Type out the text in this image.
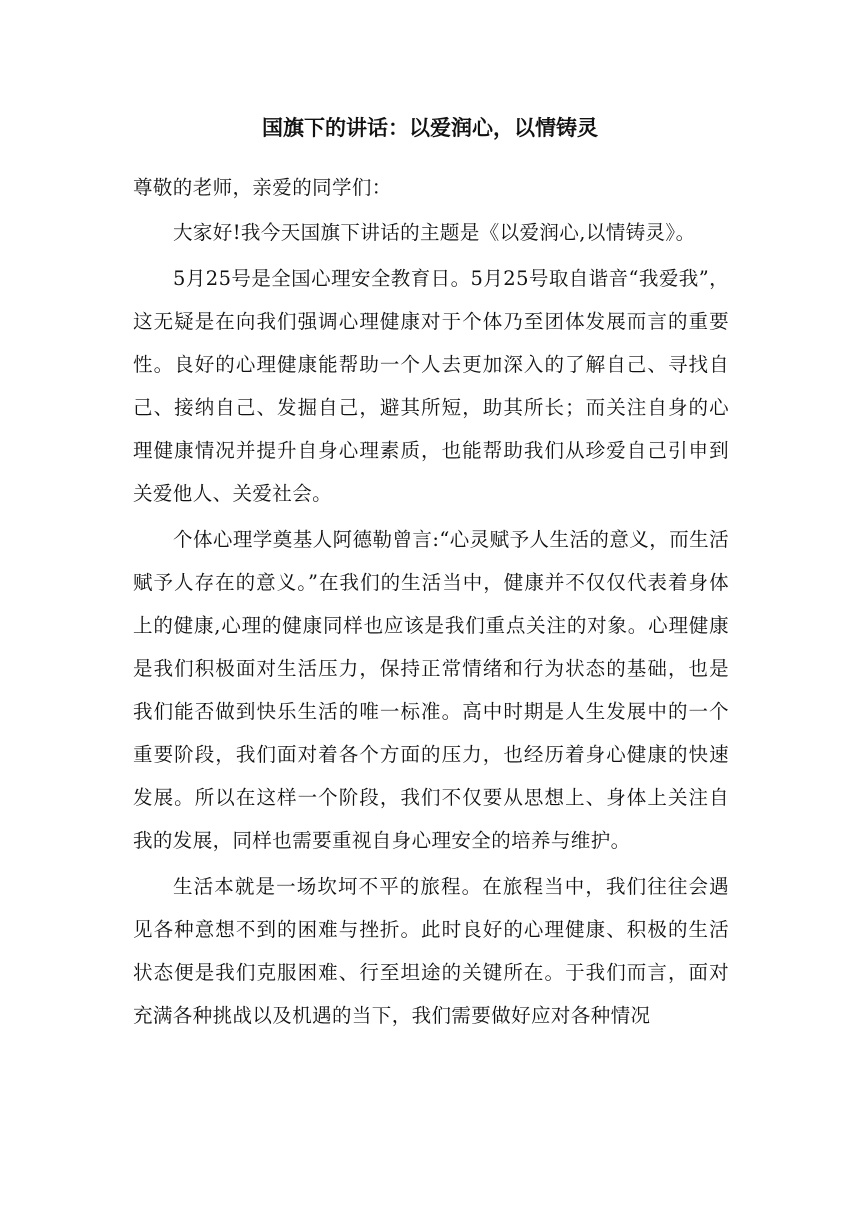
国旗下的讲话：以爱润心，以情铸灵

尊敬的老师，亲爱的同学们：

大家好!我今天国旗下讲话的主题是《以爱润心,以情铸灵》。

5月25号是全国心理安全教育日。5月25号取自谐音“我爱我”，这无疑是在向我们强调心理健康对于个体乃至团体发展而言的重要性。良好的心理健康能帮助一个人去更加深入的了解自己、寻找自己、接纳自己、发掘自己，避其所短，助其所长；而关注自身的心理健康情况并提升自身心理素质，也能帮助我们从珍爱自己引申到关爱他人、关爱社会。

个体心理学奠基人阿德勒曾言:“心灵赋予人生活的意义，而生活赋予人存在的意义。”在我们的生活当中，健康并不仅仅代表着身体上的健康,心理的健康同样也应该是我们重点关注的对象。心理健康是我们积极面对生活压力，保持正常情绪和行为状态的基础，也是我们能否做到快乐生活的唯一标准。高中时期是人生发展中的一个重要阶段，我们面对着各个方面的压力，也经历着身心健康的快速发展。所以在这样一个阶段，我们不仅要从思想上、身体上关注自我的发展，同样也需要重视自身心理安全的培养与维护。

生活本就是一场坎坷不平的旅程。在旅程当中，我们往往会遇见各种意想不到的困难与挫折。此时良好的心理健康、积极的生活状态便是我们克服困难、行至坦途的关键所在。于我们而言，面对充满各种挑战以及机遇的当下，我们需要做好应对各种情况
